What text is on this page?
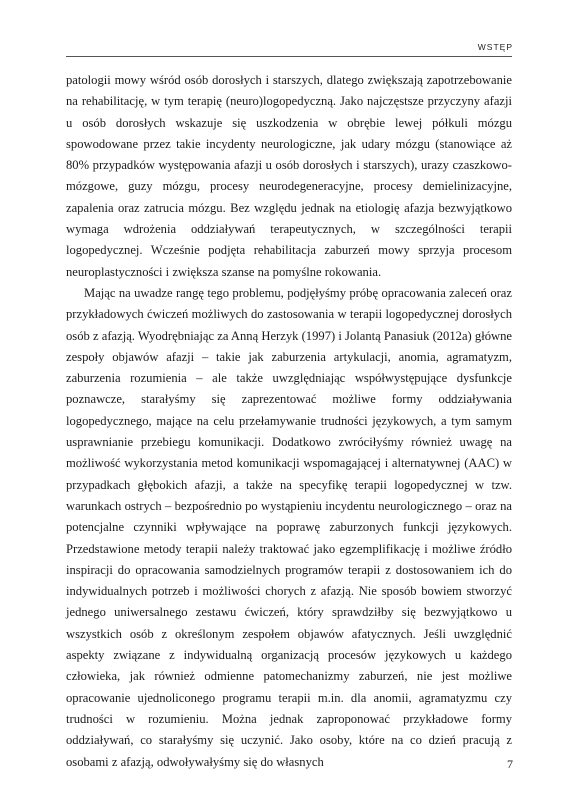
WSTĘP

patologii mowy wśród osób dorosłych i starszych, dlatego zwiększają zapotrzebowanie na rehabilitację, w tym terapię (neuro)logopedyczną. Jako najczęstsze przyczyny afazji u osób dorosłych wskazuje się uszkodzenia w obrębie lewej półkuli mózgu spowodowane przez takie incydenty neurologiczne, jak udary mózgu (stanowiące aż 80% przypadków występowania afazji u osób dorosłych i starszych), urazy czaszkowo-mózgowe, guzy mózgu, procesy neurodegeneracyjne, procesy demielinizacyjne, zapalenia oraz zatrucia mózgu. Bez względu jednak na etiologię afazja bezwyjątkowo wymaga wdrożenia oddziaływań terapeutycznych, w szczególności terapii logopedycznej. Wcześnie podjęta rehabilitacja zaburzeń mowy sprzyja procesom neuroplastyczności i zwiększa szanse na pomyślne rokowania.

Mając na uwadze rangę tego problemu, podjęłyśmy próbę opracowania zaleceń oraz przykładowych ćwiczeń możliwych do zastosowania w terapii logopedycznej dorosłych osób z afazją. Wyodrębniając za Anną Herzyk (1997) i Jolantą Panasiuk (2012a) główne zespoły objawów afazji – takie jak zaburzenia artykulacji, anomia, agramatyzm, zaburzenia rozumienia – ale także uwzględniając współwystępujące dysfunkcje poznawcze, starałyśmy się zaprezentować możliwe formy oddziaływania logopedycznego, mające na celu przełamywanie trudności językowych, a tym samym usprawnianie przebiegu komunikacji. Dodatkowo zwróciłyśmy również uwagę na możliwość wykorzystania metod komunikacji wspomagającej i alternatywnej (AAC) w przypadkach głębokich afazji, a także na specyfikę terapii logopedycznej w tzw. warunkach ostrych – bezpośrednio po wystąpieniu incydentu neurologicznego – oraz na potencjalne czynniki wpływające na poprawę zaburzonych funkcji językowych. Przedstawione metody terapii należy traktować jako egzemplifikację i możliwe źródło inspiracji do opracowania samodzielnych programów terapii z dostosowaniem ich do indywidualnych potrzeb i możliwości chorych z afazją. Nie sposób bowiem stworzyć jednego uniwersalnego zestawu ćwiczeń, który sprawdziłby się bezwyjątkowo u wszystkich osób z określonym zespołem objawów afatycznych. Jeśli uwzględnić aspekty związane z indywidualną organizacją procesów językowych u każdego człowieka, jak również odmienne patomechanizmy zaburzeń, nie jest możliwe opracowanie ujednoliconego programu terapii m.in. dla anomii, agramatyzmu czy trudności w rozumieniu. Można jednak zaproponować przykładowe formy oddziaływań, co starałyśmy się uczynić. Jako osoby, które na co dzień pracują z osobami z afazją, odwoływałyśmy się do własnych	7
